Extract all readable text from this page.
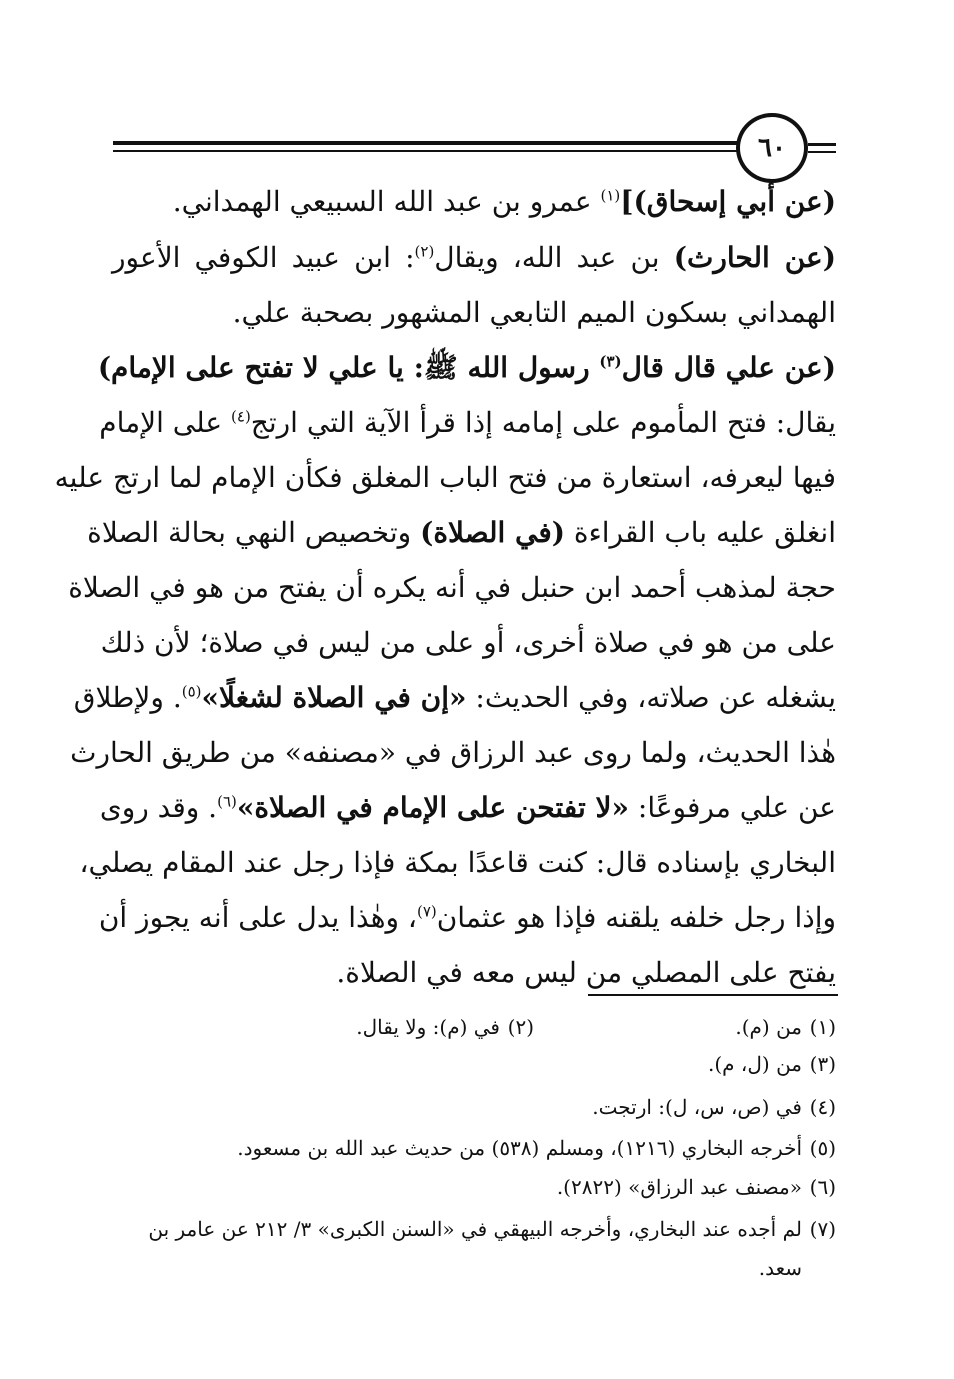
٦٠
(عن أبي إسحاق)]$^{(١)}$ عمرو بن عبد الله السبيعي الهمداني.
(عن الحارث) بن عبد الله، ويقال$^{(٢)}$: ابن عبيد الكوفي الأعور
الهمداني بسكون الميم التابعي المشهور بصحبة علي.
(عن علي قال قال$^{(٣)}$ رسول الله ﷺ: يا علي لا تفتح على الإمام)
يقال: فتح المأموم على إمامه إذا قرأ الآية التي ارتج$^{(٤)}$ على الإمام
فيها ليعرفه، استعارة من فتح الباب المغلق فكأن الإمام لما ارتج عليه
انغلق عليه باب القراءة (في الصلاة) وتخصيص النهي بحالة الصلاة
حجة لمذهب أحمد ابن حنبل في أنه يكره أن يفتح من هو في الصلاة
على من هو في صلاة أخرى، أو على من ليس في صلاة؛ لأن ذلك
يشغله عن صلاته، وفي الحديث: «إن في الصلاة لشغلًا»$^{(٥)}$. ولإطلاق
هٰذا الحديث، ولما روى عبد الرزاق في «مصنفه» من طريق الحارث
عن علي مرفوعًا: «لا تفتحن على الإمام في الصلاة»$^{(٦)}$. وقد روى
البخاري بإسناده قال: كنت قاعدًا بمكة فإذا رجل عند المقام يصلي،
وإذا رجل خلفه يلقنه فإذا هو عثمان$^{(٧)}$، وهٰذا يدل على أنه يجوز أن
يفتح على المصلي من ليس معه في الصلاة.
(١)من (م).
(٢)في (م): ولا يقال.
(٣)من (ل، م).
(٤)في (ص، س، ل): ارتجت.
(٥)أخرجه البخاري (١٢١٦)، ومسلم (٥٣٨) من حديث عبد الله بن مسعود.
(٦)«مصنف عبد الرزاق» (٢٨٢٢).
(٧)لم أجده عند البخاري، وأخرجه البيهقي في «السنن الكبرى» ٣/ ٢١٢ عن عامر بن
سعد.
